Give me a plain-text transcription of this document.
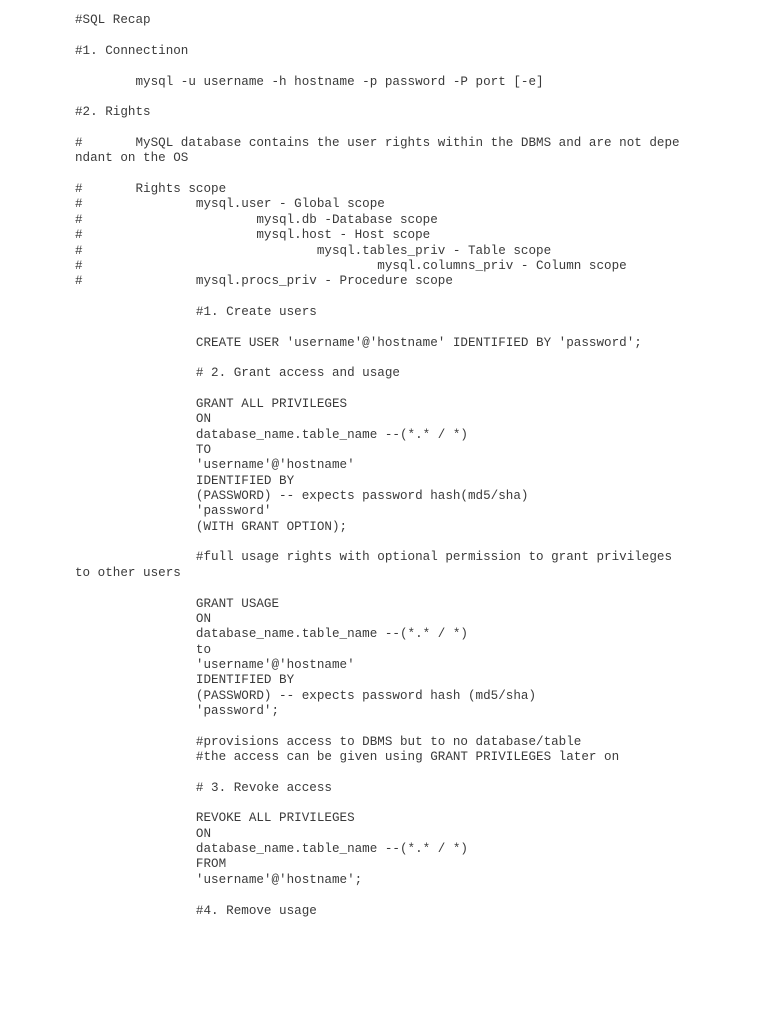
#SQL Recap
#1. Connectinon
mysql -u username -h hostname -p password -P port [-e]
#2. Rights
#       MySQL database contains the user rights within the DBMS and are not depe
ndant on the OS
#       Rights scope
#               mysql.user - Global scope
#                       mysql.db -Database scope
#                       mysql.host - Host scope
#                               mysql.tables_priv - Table scope
#                                       mysql.columns_priv - Column scope
#               mysql.procs_priv - Procedure scope
#1. Create users
CREATE USER 'username'@'hostname' IDENTIFIED BY 'password';
# 2. Grant access and usage
GRANT ALL PRIVILEGES
ON
database_name.table_name --(*.* / *)
TO
'username'@'hostname'
IDENTIFIED BY
(PASSWORD) -- expects password hash(md5/sha)
'password'
(WITH GRANT OPTION);
#full usage rights with optional permission to grant privileges
to other users
GRANT USAGE
ON
database_name.table_name --(*.* / *)
to
'username'@'hostname'
IDENTIFIED BY
(PASSWORD) -- expects password hash (md5/sha)
'password';
#provisions access to DBMS but to no database/table
#the access can be given using GRANT PRIVILEGES later on
# 3. Revoke access
REVOKE ALL PRIVILEGES
ON
database_name.table_name --(*.* / *)
FROM
'username'@'hostname';
#4. Remove usage
